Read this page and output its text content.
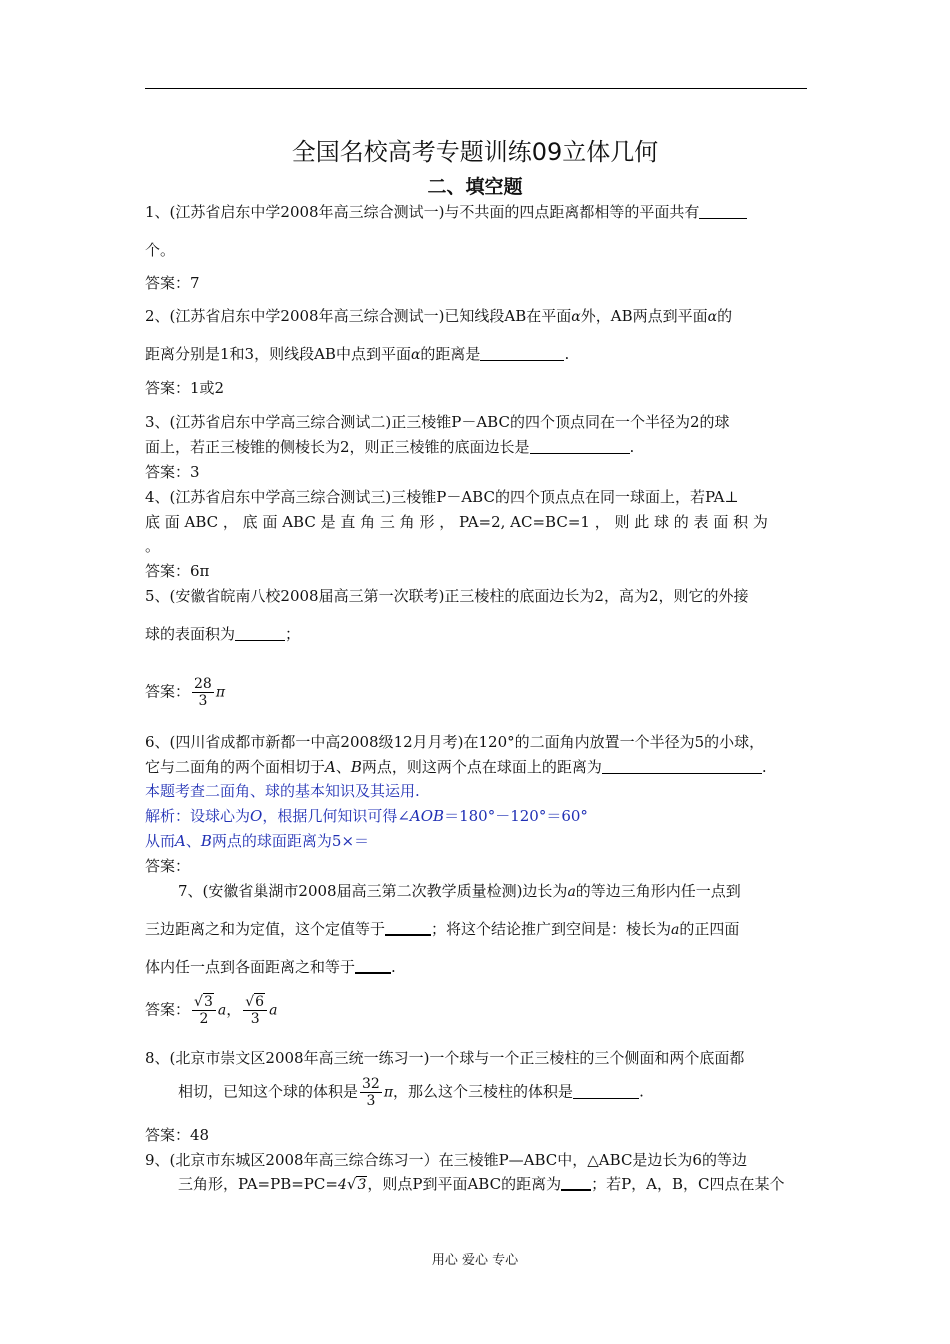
全国名校高考专题训练09立体几何
二、填空题
1、(江苏省启东中学2008年高三综合测试一)与不共面的四点距离都相等的平面共有
个。
答案：7
2、(江苏省启东中学2008年高三综合测试一)已知线段AB在平面α外，AB两点到平面α的
距离分别是1和3，则线段AB中点到平面α的距离是	.
答案：1或2
3、(江苏省启东中学高三综合测试二)正三棱锥P－ABC的四个顶点同在一个半径为2的球
面上，若正三棱锥的侧棱长为2，则正三棱锥的底面边长是	.
答案：3
4、(江苏省启东中学高三综合测试三)三棱锥P－ABC的四个顶点点在同一球面上，若PA⊥
底 面 ABC ， 底 面 ABC 是 直 角 三 角 形 ， PA=2, AC=BC=1 ， 则 此 球 的 表 面 积 为
。
答案：6π
5、(安徽省皖南八校2008届高三第一次联考)正三棱柱的底面边长为2，高为2，则它的外接
球的表面积为	；
答案： $\frac{28}{3}$ π
6、(四川省成都市新都一中高2008级12月月考)在120°的二面角内放置一个半径为5的小球，
它与二面角的两个面相切于A、B两点，则这两个点在球面上的距离为	.
本题考查二面角、球的基本知识及其运用.
解析：设球心为O，根据几何知识可得∠AOB＝180°－120°＝60°
从而A、B两点的球面距离为5×＝
答案：
7、(安徽省巢湖市2008届高三第二次教学质量检测)边长为a的等边三角形内任一点到
三边距离之和为定值，这个定值等于	；将这个结论推广到空间是：棱长为a的正四面
体内任一点到各面距离之和等于 .
答案： $\frac{√3}{2}$ a， $\frac{√6}{3}$ a
8、(北京市崇文区2008年高三统一练习一)一个球与一个正三棱柱的三个侧面和两个底面都
相切，已知这个球的体积是 $\frac{32}{3}$ π，那么这个三棱柱的体积是	.
答案：48
9、(北京市东城区2008年高三综合练习一）在三棱锥P—ABC中，△ABC是边长为6的等边
三角形，PA=PB=PC=4√3，则点P到平面ABC的距离为 ；若P，A，B，C四点在某个
用心 爱心 专心
